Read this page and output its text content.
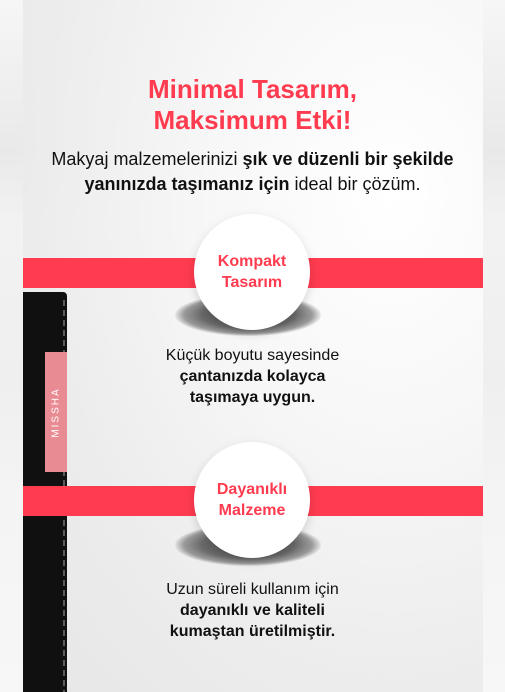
MISSHA
Minimal Tasarım,
Maksimum Etki!
Makyaj malzemelerinizi şık ve düzenli bir şekilde
yanınızda taşımanız için ideal bir çözüm.
Kompakt
Tasarım
Küçük boyutu sayesinde
çantanızda kolayca
taşımaya uygun.
Dayanıklı
Malzeme
Uzun süreli kullanım için
dayanıklı ve kaliteli
kumaştan üretilmiştir.
